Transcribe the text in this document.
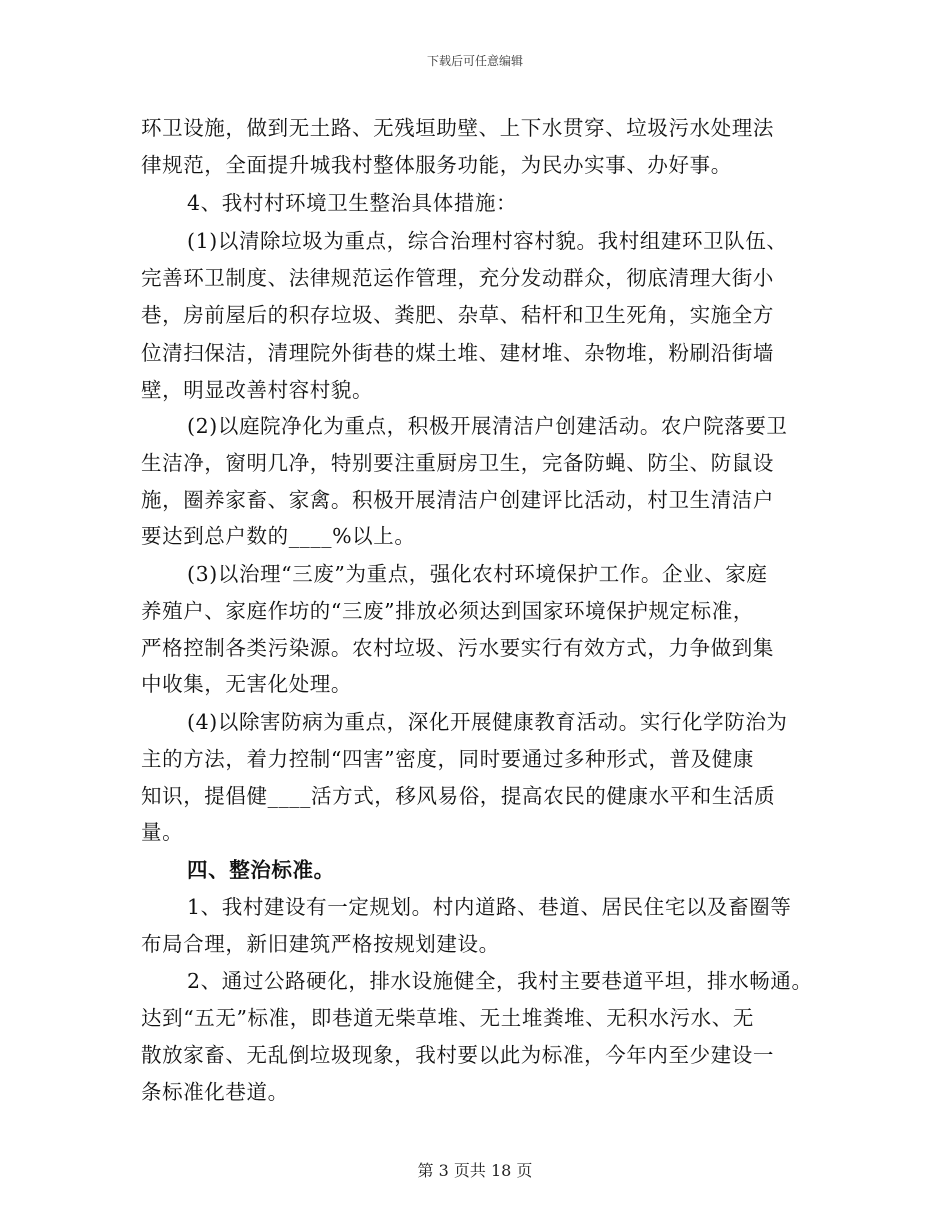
下载后可任意编辑
环卫设施，做到无土路、无残垣助壁、上下水贯穿、垃圾污水处理法
律规范，全面提升城我村整体服务功能，为民办实事、办好事。
4、我村村环境卫生整治具体措施：
(1)以清除垃圾为重点，综合治理村容村貌。我村组建环卫队伍、
完善环卫制度、法律规范运作管理，充分发动群众，彻底清理大街小
巷，房前屋后的积存垃圾、粪肥、杂草、秸杆和卫生死角，实施全方
位清扫保洁，清理院外街巷的煤土堆、建材堆、杂物堆，粉刷沿街墙
壁，明显改善村容村貌。
(2)以庭院净化为重点，积极开展清洁户创建活动。农户院落要卫
生洁净，窗明几净，特别要注重厨房卫生，完备防蝇、防尘、防鼠设
施，圈养家畜、家禽。积极开展清洁户创建评比活动，村卫生清洁户
要达到总户数的____%以上。
(3)以治理“三废”为重点，强化农村环境保护工作。企业、家庭
养殖户、家庭作坊的“三废”排放必须达到国家环境保护规定标准，
严格控制各类污染源。农村垃圾、污水要实行有效方式，力争做到集
中收集，无害化处理。
(4)以除害防病为重点，深化开展健康教育活动。实行化学防治为
主的方法，着力控制“四害”密度，同时要通过多种形式，普及健康
知识，提倡健____活方式，移风易俗，提高农民的健康水平和生活质
量。
四、整治标准。
1、我村建设有一定规划。村内道路、巷道、居民住宅以及畜圈等
布局合理，新旧建筑严格按规划建设。
2、通过公路硬化，排水设施健全，我村主要巷道平坦，排水畅通。
达到“五无”标准，即巷道无柴草堆、无土堆粪堆、无积水污水、无
散放家畜、无乱倒垃圾现象，我村要以此为标准，今年内至少建设一
条标准化巷道。
第 3 页共 18 页
